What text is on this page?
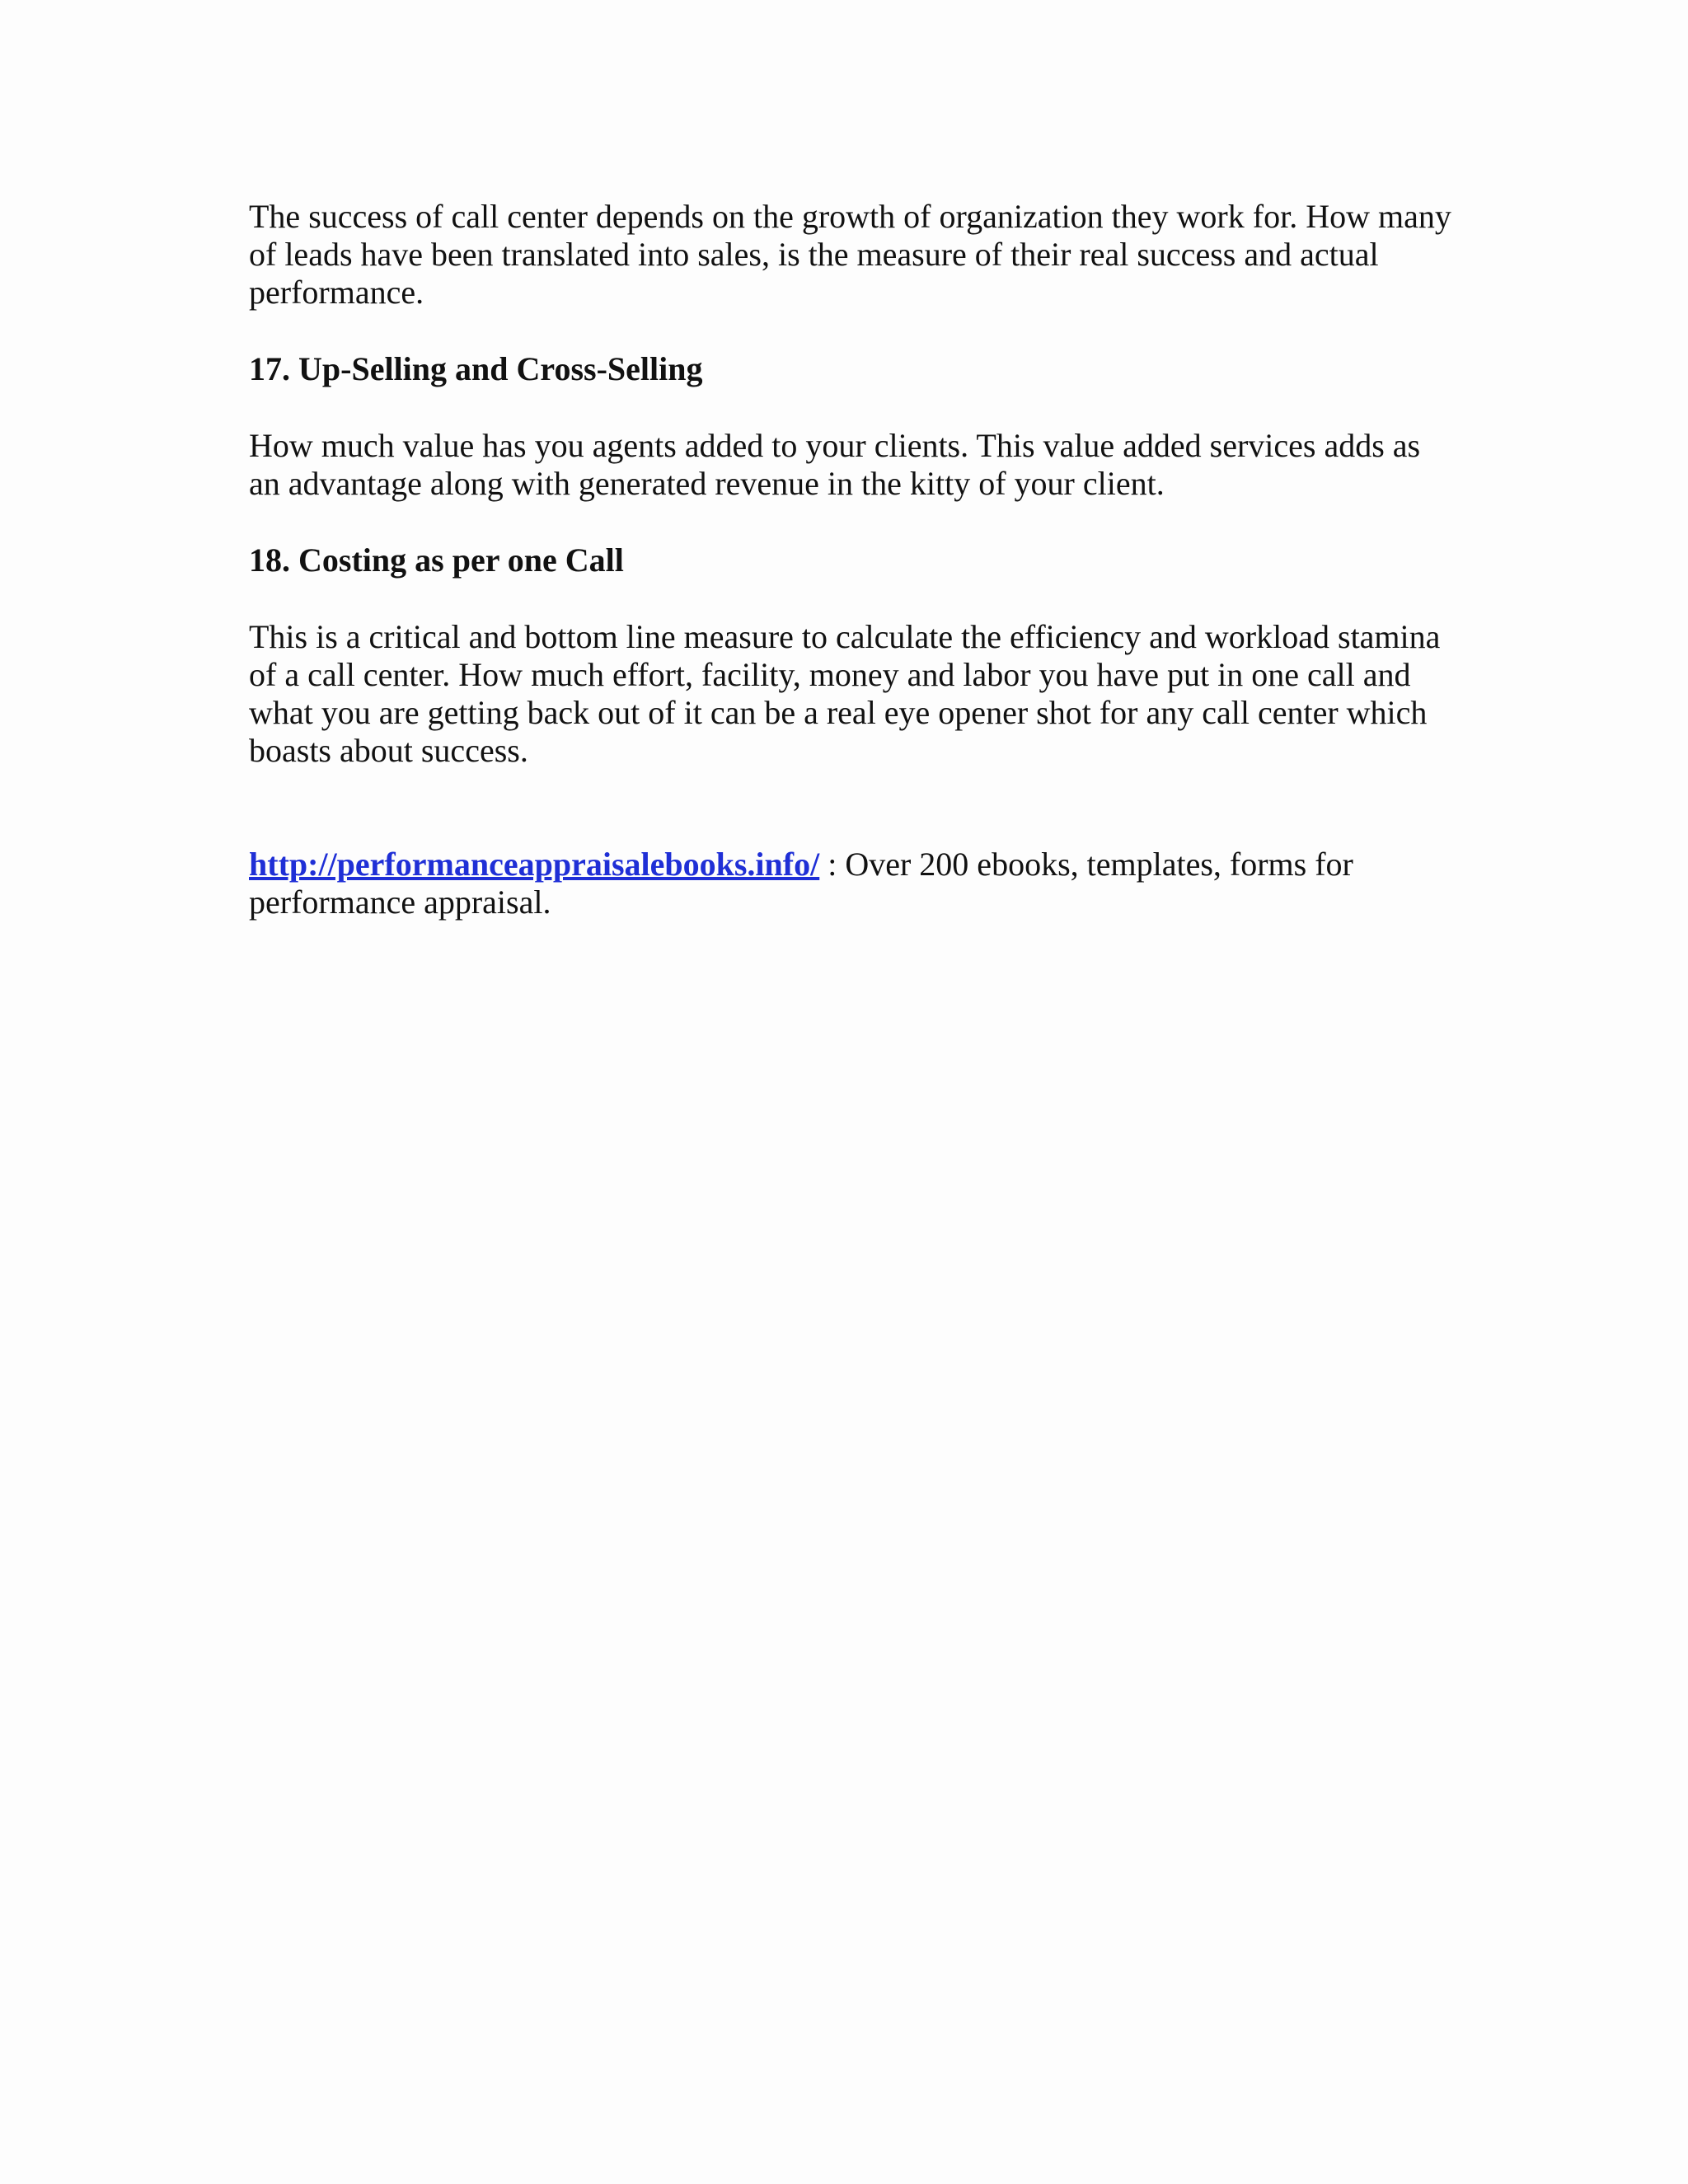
The success of call center depends on the growth of organization they work for. How many of leads have been translated into sales, is the measure of their real success and actual performance.

17. Up-Selling and Cross-Selling

How much value has you agents added to your clients. This value added services adds as an advantage along with generated revenue in the kitty of your client.

18. Costing as per one Call

This is a critical and bottom line measure to calculate the efficiency and workload stamina of a call center. How much effort, facility, money and labor you have put in one call and what you are getting back out of it can be a real eye opener shot for any call center which boasts about success.

http://performanceappraisalebooks.info/ : Over 200 ebooks, templates, forms for performance appraisal.
